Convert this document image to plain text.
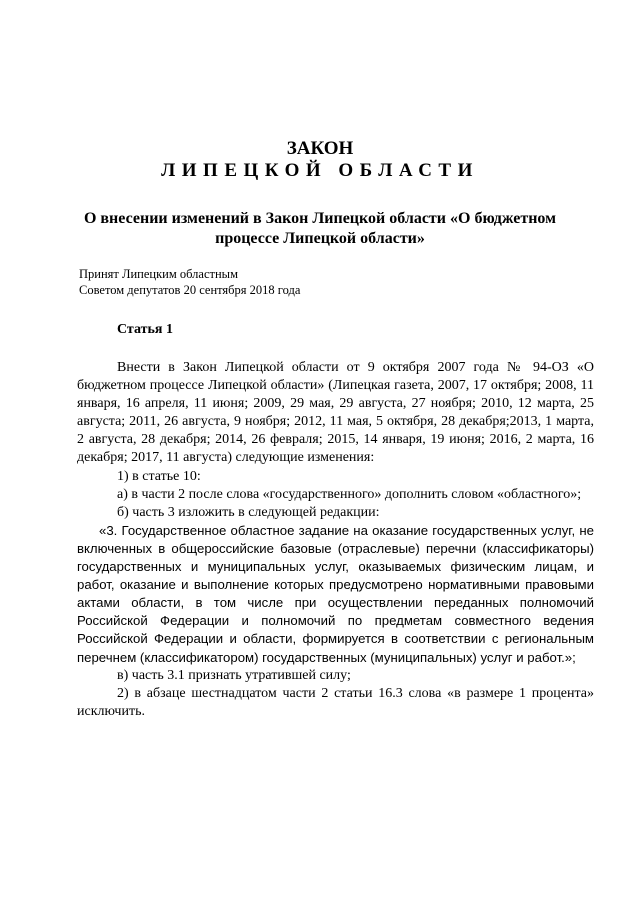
ЗАКОН
ЛИПЕЦКОЙ ОБЛАСТИ
О внесении изменений в Закон Липецкой области «О бюджетном процессе Липецкой области»
Принят Липецким областным
Советом депутатов 20 сентября 2018 года
Статья 1

Внести в Закон Липецкой области от 9 октября 2007 года № 94-ОЗ «О бюджетном процессе Липецкой области» (Липецкая газета, 2007, 17 октября; 2008, 11 января, 16 апреля, 11 июня; 2009, 29 мая, 29 августа, 27 ноября; 2010, 12 марта, 25 августа; 2011, 26 августа, 9 ноября; 2012, 11 мая, 5 октября, 28 декабря;2013, 1 марта, 2 августа, 28 декабря; 2014, 26 февраля; 2015, 14 января, 19 июня; 2016, 2 марта, 16 декабря; 2017, 11 августа) следующие изменения:

1) в статье 10:

а) в части 2 после слова «государственного» дополнить словом «областного»;

б) часть 3 изложить в следующей редакции:

«3. Государственное областное задание на оказание государственных услуг, не включенных в общероссийские базовые (отраслевые) перечни (классификаторы) государственных и муниципальных услуг, оказываемых физическим лицам, и работ, оказание и выполнение которых предусмотрено нормативными правовыми актами области, в том числе при осуществлении переданных полномочий Российской Федерации и полномочий по предметам совместного ведения Российской Федерации и области, формируется в соответствии с региональным перечнем (классификатором) государственных (муниципальных) услуг и работ.»;

в) часть 3.1 признать утратившей силу;

2) в абзаце шестнадцатом части 2 статьи 16.3 слова «в размере 1 процента» исключить.
